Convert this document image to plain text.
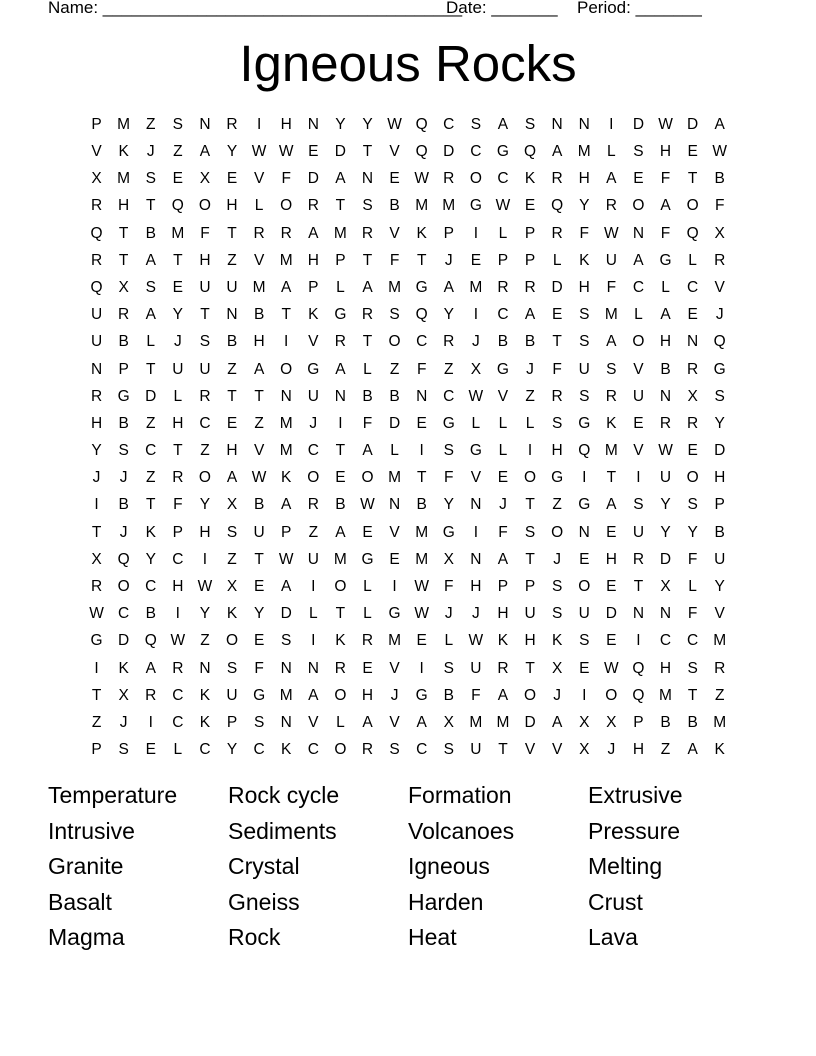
Name: ______________________________________Date: _______ Period: _______
Igneous Rocks
P M	Z	S	N	R	I	H	N	Y	Y W Q C	S	A	S	N	N	I	D W D	A
V	K	J	Z	A	Y W W E	D	T	V	Q D	C G Q	A M	L	S	H	E W
X M S	E	X	E	V	F	D	A	N	E W R O C	K	R	H	A	E	F	T	B
R	H	T	Q O H	L	O R	T	S	B M M G W E	Q	Y	R O	A	O	F
Q	T	B M	F	T	R	R	A M R	V	K	P	I	L	P	R	F W N	F	Q	X
R	T	A	T	H	Z	V M H	P	T	F	T	J	E	P	P	L	K	U	A	G	L	R
Q	X	S	E	U	U M A	P	L	A M G	A M R	R	D	H	F	C	L	C	V
U	R	A	Y	T	N	B	T	K	G R	S	Q	Y	I	C	A	E	S M	L	A	E	J
U	B	L	J	S	B	H	I	V	R	T	O C	R	J	B	B	T	S	A	O H	N Q
N	P	T	U	U	Z	A	O G	A	L	Z	F	Z	X	G	J	F	U	S	V	B	R G
R G D	L	R	T	T	N	U	N	B	B	N	C W V	Z	R	S	R	U	N	X	S
H	B	Z	H	C	E	Z	M	J	I	F	D	E	G	L	L	L	S	G	K	E	R	R	Y
Y	S	C	T	Z	H	V M C	T	A	L	I	S	G	L	I	H Q M V W E	D
J	J	Z	R O	A W K	O	E	O M	T	F	V	E	O G	I	T	I	U O H
I	B	T	F	Y	X	B	A	R	B W N	B	Y	N	J	T	Z	G	A	S	Y	S	P
T	J	K	P	H	S	U	P	Z	A	E	V M G	I	F	S	O N	E	U	Y	Y	B
X	Q	Y	C	I	Z	T W U M G	E M X	N	A	T	J	E	H	R	D	F	U
R O C	H W X	E	A	I	O	L	I	W F	H	P	P	S	O	E	T	X	L	Y
W C	B	I	Y	K	Y	D	L	T	L	G W	J	J	H	U	S	U	D	N	N	F	V
G D Q W Z	O	E	S	I	K	R M E	L W K	H	K	S	E	I	C	C M
I	K	A	R	N	S	F	N	N	R	E	V	I	S	U	R	T	X	E W Q H	S	R
T	X	R	C	K	U G M A	O H	J	G	B	F	A	O	J	I	O Q M	T	Z
Z	J	I	C	K	P	S	N	V	L	A	V	A	X M M D	A	X	X	P	B	B M
P	S	E	L	C	Y	C	K	C O R	S	C	S	U	T	V	V	X	J	H	Z	A	K
Temperature	Rock cycle	Formation	Extrusive
Intrusive	Sediments	Volcanoes	Pressure
Granite	Crystal	Igneous	Melting
Basalt	Gneiss	Harden	Crust
Magma	Rock	Heat	Lava
